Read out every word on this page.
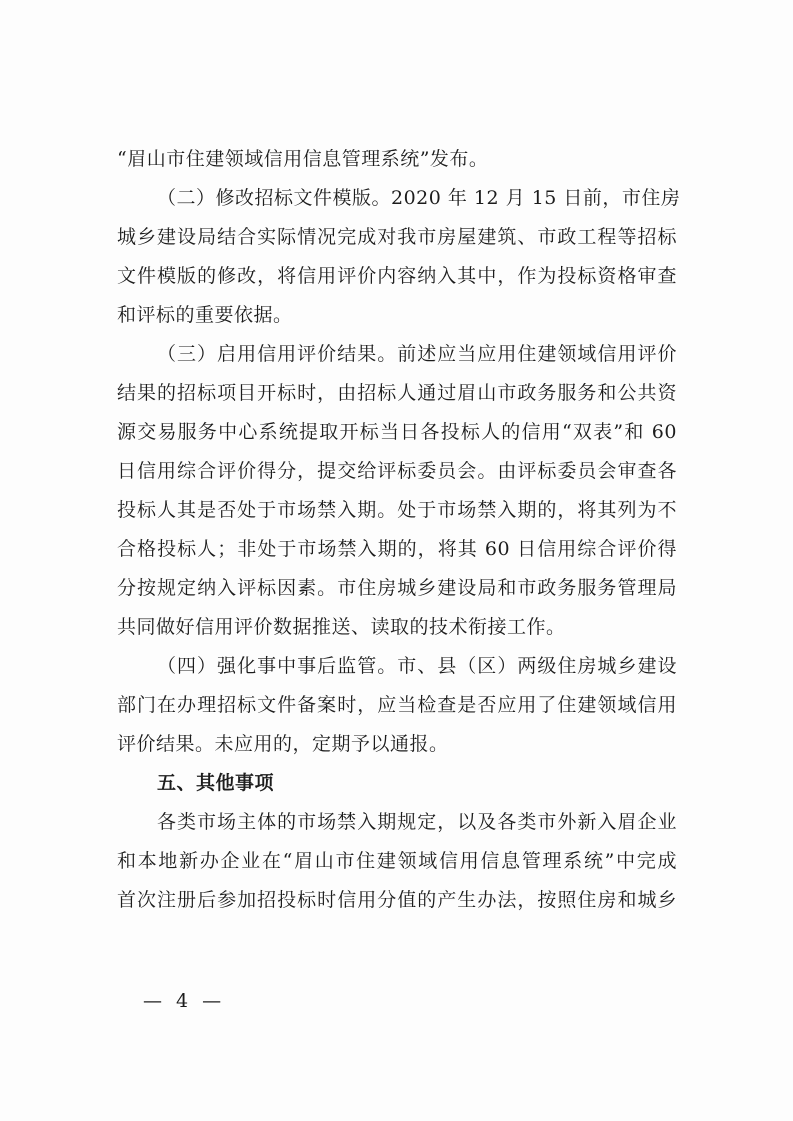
“眉山市住建领域信用信息管理系统”发布。
（二）修改招标文件模版。2020 年 12 月 15 日前，市住房
城乡建设局结合实际情况完成对我市房屋建筑、市政工程等招标
文件模版的修改，将信用评价内容纳入其中，作为投标资格审查
和评标的重要依据。
（三）启用信用评价结果。前述应当应用住建领域信用评价
结果的招标项目开标时，由招标人通过眉山市政务服务和公共资
源交易服务中心系统提取开标当日各投标人的信用“双表”和 60
日信用综合评价得分，提交给评标委员会。由评标委员会审查各
投标人其是否处于市场禁入期。处于市场禁入期的，将其列为不
合格投标人；非处于市场禁入期的，将其 60 日信用综合评价得
分按规定纳入评标因素。市住房城乡建设局和市政务服务管理局
共同做好信用评价数据推送、读取的技术衔接工作。
（四）强化事中事后监管。市、县（区）两级住房城乡建设
部门在办理招标文件备案时，应当检查是否应用了住建领域信用
评价结果。未应用的，定期予以通报。
五、其他事项
各类市场主体的市场禁入期规定，以及各类市外新入眉企业
和本地新办企业在“眉山市住建领域信用信息管理系统”中完成
首次注册后参加招投标时信用分值的产生办法，按照住房和城乡
— 4 —
